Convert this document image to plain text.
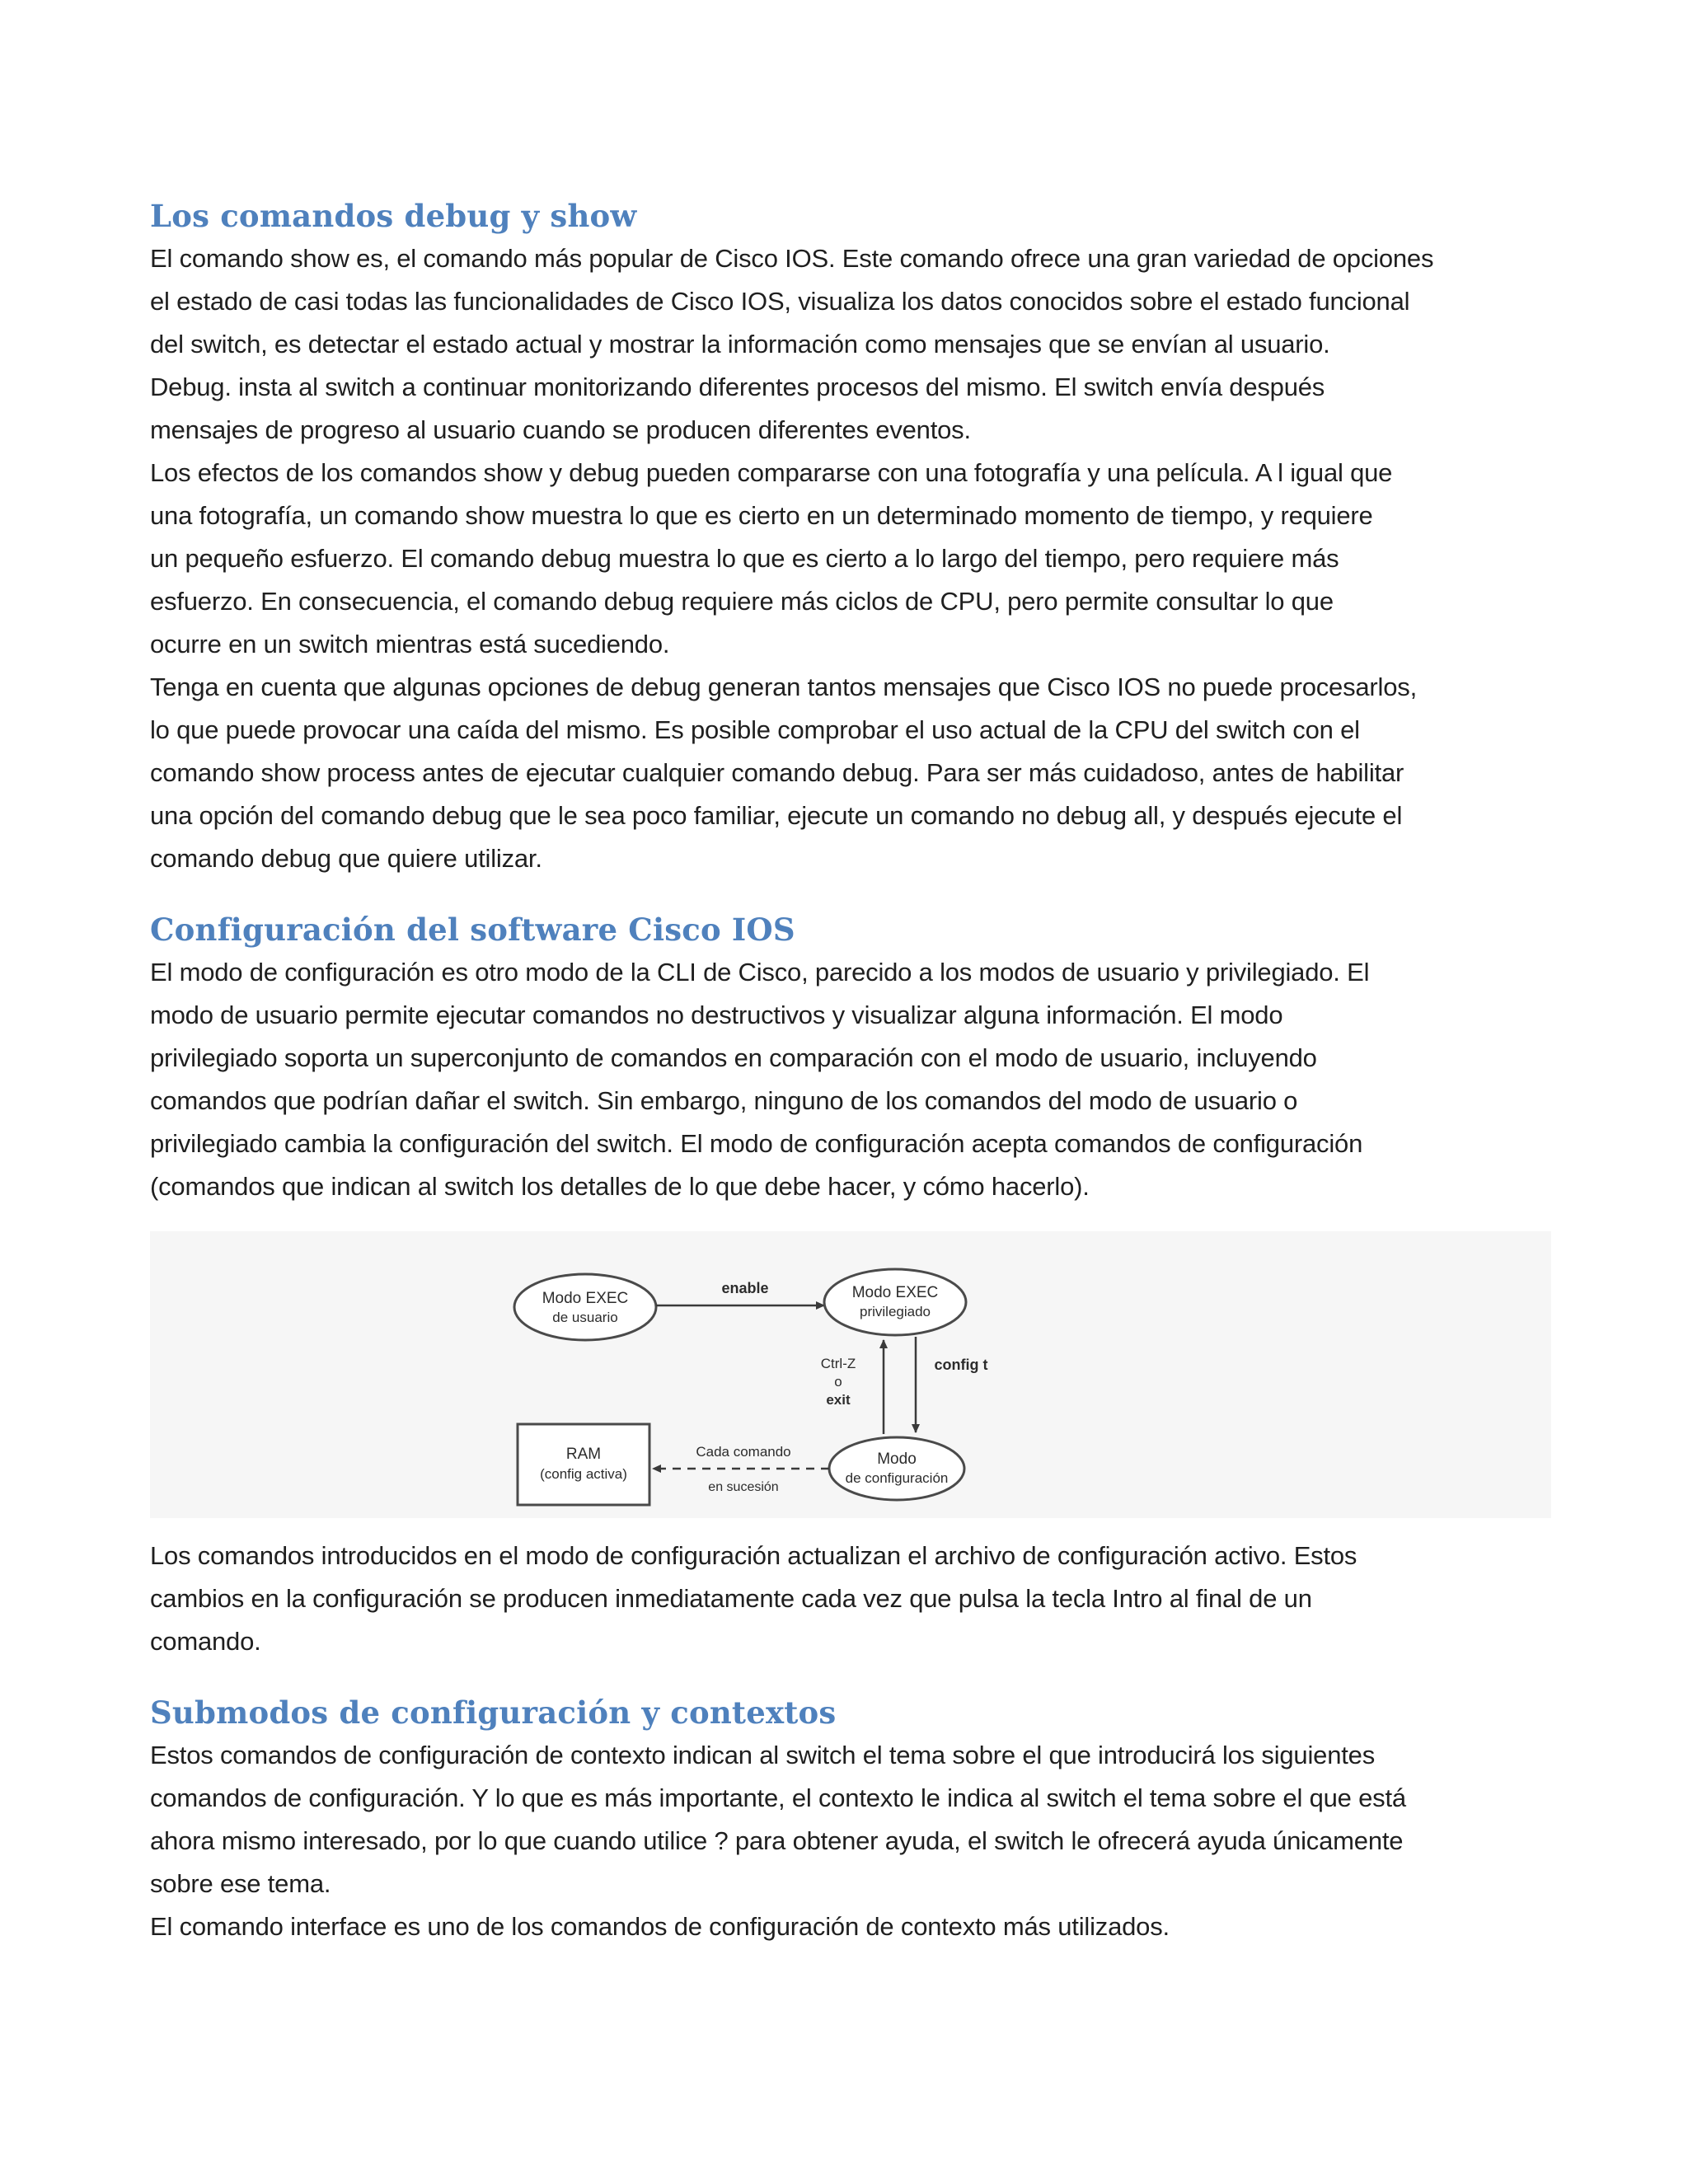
Los comandos debug y show
El comando show es, el comando más popular de Cisco IOS. Este comando ofrece una gran variedad de opciones
el estado de casi todas las funcionalidades de Cisco IOS, visualiza los datos conocidos sobre el estado funcional
del switch, es detectar el estado actual y mostrar la información como mensajes que se envían al usuario.
Debug. insta al switch a continuar monitorizando diferentes procesos del mismo. El switch envía después
mensajes de progreso al usuario cuando se producen diferentes eventos.
Los efectos de los comandos show y debug pueden compararse con una fotografía y una película. A l igual que
una fotografía, un comando show muestra lo que es cierto en un determinado momento de tiempo, y requiere
un pequeño esfuerzo. El comando debug muestra lo que es cierto a lo largo del tiempo, pero requiere más
esfuerzo. En consecuencia, el comando debug requiere más ciclos de CPU, pero permite consultar lo que
ocurre en un switch mientras está sucediendo.
Tenga en cuenta que algunas opciones de debug generan tantos mensajes que Cisco IOS no puede procesarlos,
lo que puede provocar una caída del mismo. Es posible comprobar el uso actual de la CPU del switch con el
comando show process antes de ejecutar cualquier comando debug. Para ser más cuidadoso, antes de habilitar
una opción del comando debug que le sea poco familiar, ejecute un comando no debug all, y después ejecute el
comando debug que quiere utilizar.
Configuración del software Cisco IOS
El modo de configuración es otro modo de la CLI de Cisco, parecido a los modos de usuario y privilegiado. El
modo de usuario permite ejecutar comandos no destructivos y visualizar alguna información. El modo
privilegiado soporta un superconjunto de comandos en comparación con el modo de usuario, incluyendo
comandos que podrían dañar el switch. Sin embargo, ninguno de los comandos del modo de usuario o
privilegiado cambia la configuración del switch. El modo de configuración acepta comandos de configuración
(comandos que indican al switch los detalles de lo que debe hacer, y cómo hacerlo).
Modo EXEC
de usuario
enable	Modo EXEC
privilegiado
Ctrl-Z
o
exit
config t
Modo
de configuración
Cada comando
en sucesión
RAM
(config activa)
Los comandos introducidos en el modo de configuración actualizan el archivo de configuración activo. Estos
cambios en la configuración se producen inmediatamente cada vez que pulsa la tecla Intro al final de un
comando.
Submodos de configuración y contextos
Estos comandos de configuración de contexto indican al switch el tema sobre el que introducirá los siguientes
comandos de configuración. Y lo que es más importante, el contexto le indica al switch el tema sobre el que está
ahora mismo interesado, por lo que cuando utilice ? para obtener ayuda, el switch le ofrecerá ayuda únicamente
sobre ese tema.
El comando interface es uno de los comandos de configuración de contexto más utilizados.
